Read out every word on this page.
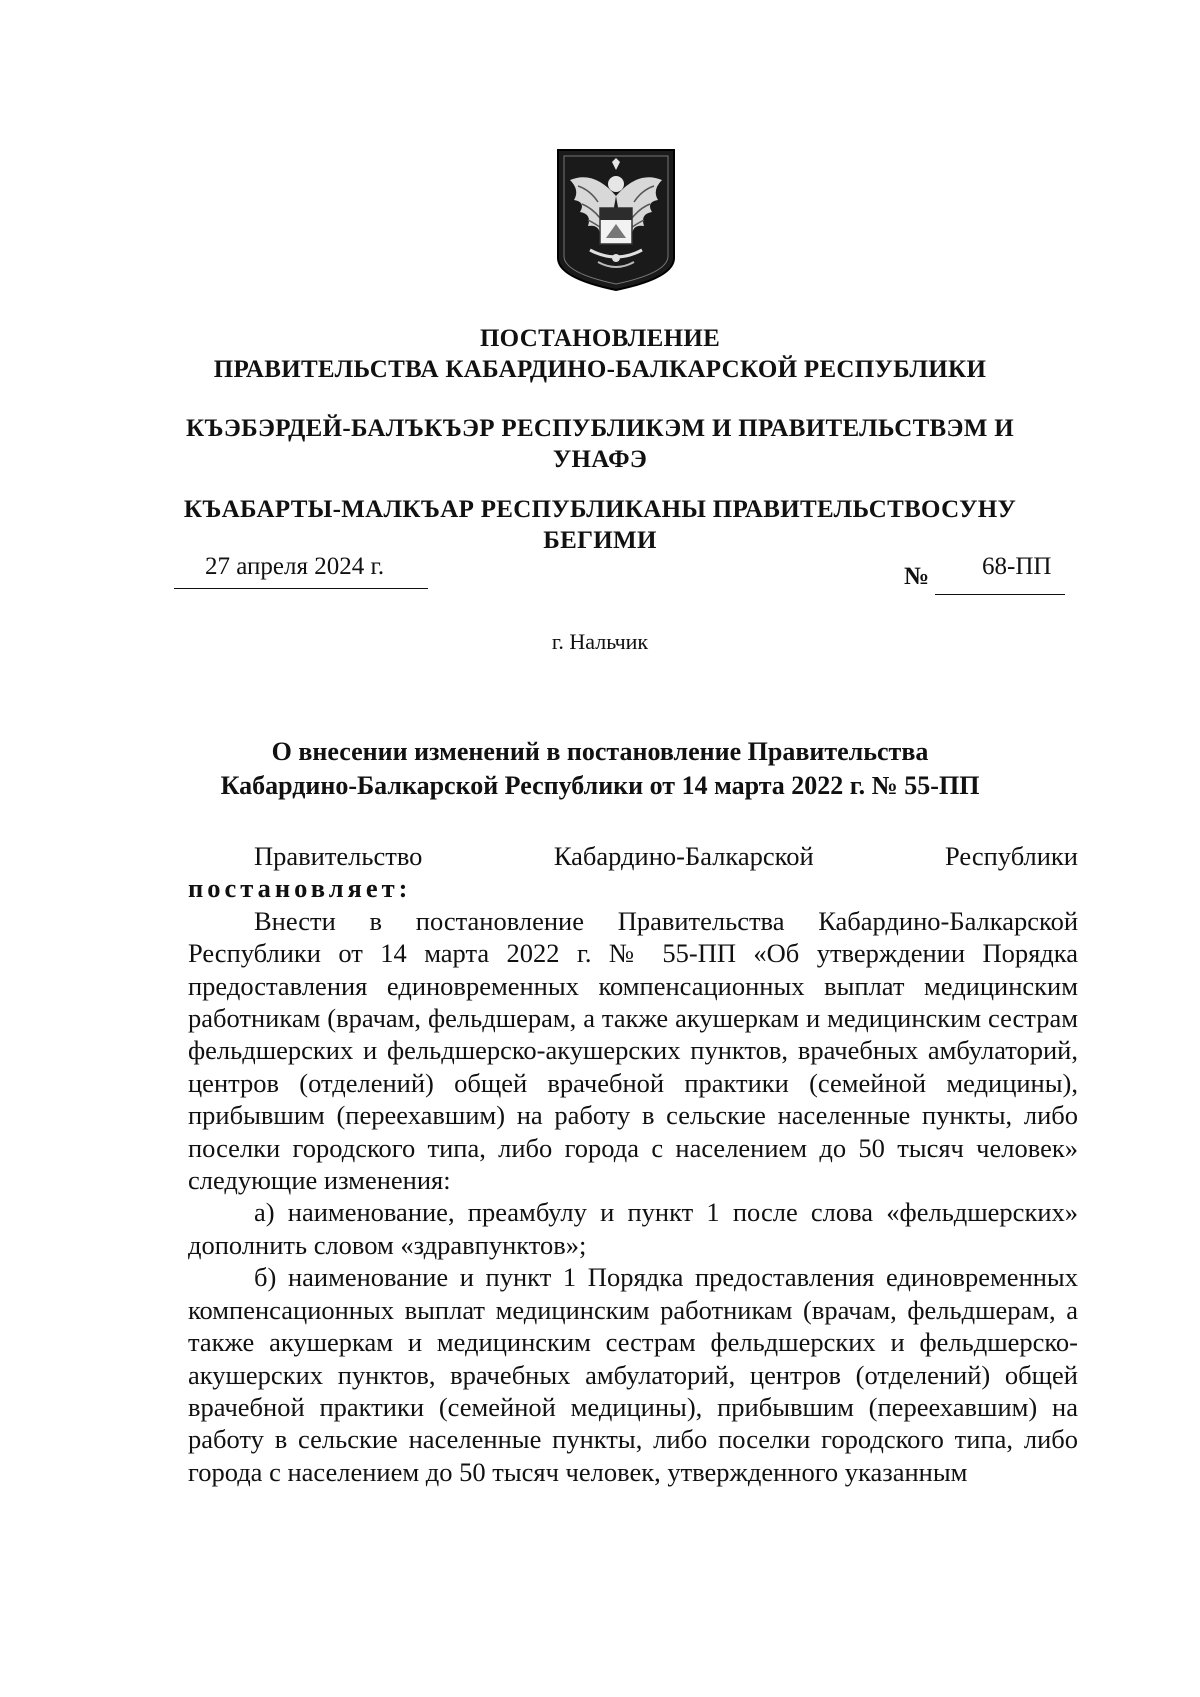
ПОСТАНОВЛЕНИЕ
ПРАВИТЕЛЬСТВА КАБАРДИНО-БАЛКАРСКОЙ РЕСПУБЛИКИ
КЪЭБЭРДЕЙ-БАЛЪКЪЭР РЕСПУБЛИКЭМ И ПРАВИТЕЛЬСТВЭМ И УНАФЭ
КЪАБАРТЫ-МАЛКЪАР РЕСПУБЛИКАНЫ ПРАВИТЕЛЬСТВОСУНУ БЕГИМИ
27 апреля 2024 г.	№ 68-ПП
г. Нальчик
О внесении изменений в постановление Правительства
Кабардино-Балкарской Республики от 14 марта 2022 г. № 55-ПП
Правительство	Кабардино-Балкарской	Республики

постановляет:

Внести в постановление Правительства Кабардино-Балкарской Республики от 14 марта 2022 г. № 55-ПП «Об утверждении Порядка предоставления единовременных компенсационных выплат медицинским работникам (врачам, фельдшерам, а также акушеркам и медицинским сестрам фельдшерских и фельдшерско-акушерских пунктов, врачебных амбулаторий, центров (отделений) общей врачебной практики (семейной медицины), прибывшим (переехавшим) на работу в сельские населенные пункты, либо поселки городского типа, либо города с населением до 50 тысяч человек» следующие изменения:

а) наименование, преамбулу и пункт 1 после слова «фельдшерских» дополнить словом «здравпунктов»;

б) наименование и пункт 1 Порядка предоставления единовременных компенсационных выплат медицинским работникам (врачам, фельдшерам, а также акушеркам и медицинским сестрам фельдшерских и фельдшерско-акушерских пунктов, врачебных амбулаторий, центров (отделений) общей врачебной практики (семейной медицины), прибывшим (переехавшим) на работу в сельские населенные пункты, либо поселки городского типа, либо города с населением до 50 тысяч человек, утвержденного указанным
